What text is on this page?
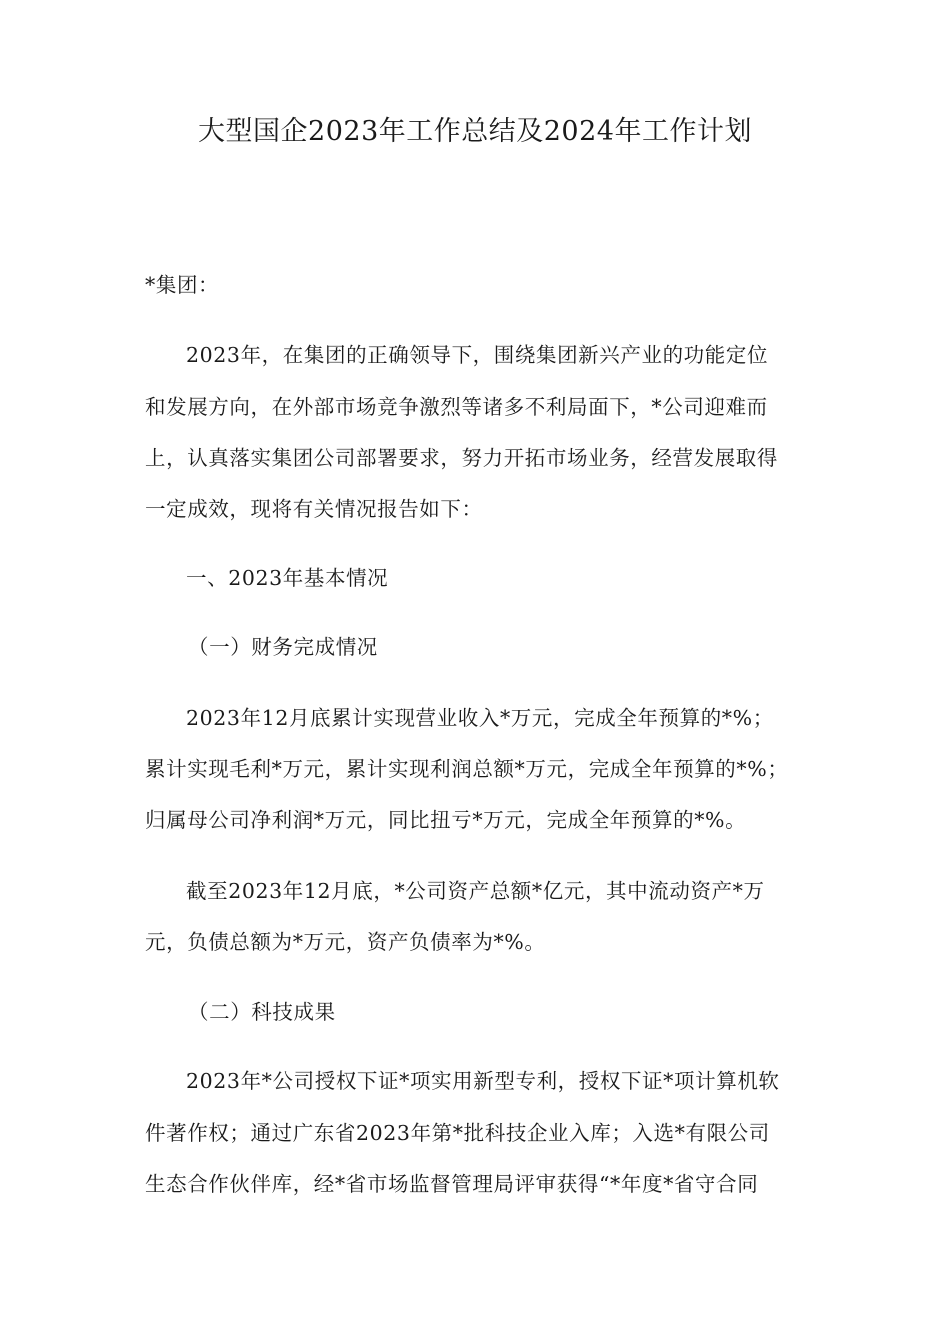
大型国企2023年工作总结及2024年工作计划
*集团：
2023年，在集团的正确领导下，围绕集团新兴产业的功能定位
和发展方向，在外部市场竞争激烈等诸多不利局面下，*公司迎难而
上，认真落实集团公司部署要求，努力开拓市场业务，经营发展取得
一定成效，现将有关情况报告如下：
一、2023年基本情况
（一）财务完成情况
2023年12月底累计实现营业收入*万元，完成全年预算的*%；
累计实现毛利*万元，累计实现利润总额*万元，完成全年预算的*%；
归属母公司净利润*万元，同比扭亏*万元，完成全年预算的*%。
截至2023年12月底，*公司资产总额*亿元，其中流动资产*万
元，负债总额为*万元，资产负债率为*%。
（二）科技成果
2023年*公司授权下证*项实用新型专利，授权下证*项计算机软
件著作权；通过广东省2023年第*批科技企业入库；入选*有限公司
生态合作伙伴库，经*省市场监督管理局评审获得“*年度*省守合同
